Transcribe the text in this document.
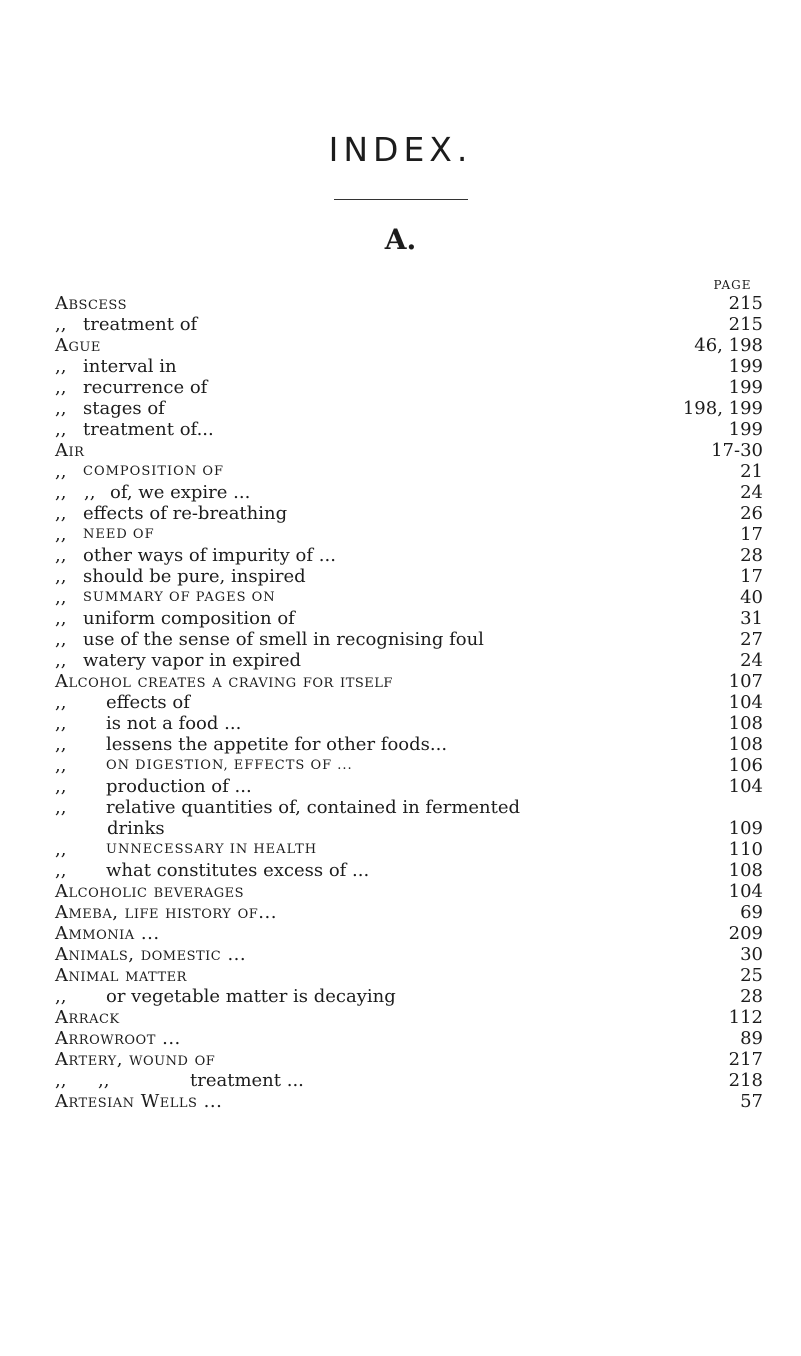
INDEX.
A.
PAGE
Abscess	215
,, treatment of	215
Ague	46, 198
,, interval in	199
,, recurrence of	199
,, stages of	198, 199
,, treatment of...	199
Air	17-30
,, COMPOSITION OF	21
,, ,, of, we expire ...	24
,, effects of re-breathing	26
,, NEED OF	17
,, other ways of impurity of ...	28
,, should be pure, inspired	17
,, SUMMARY OF PAGES ON	40
,, uniform composition of	31
,, use of the sense of smell in recognising foul	27
,, watery vapor in expired	24
Alcohol creates a craving for itself	107
,, effects of	104
,, is not a food ...	108
,, lessens the appetite for other foods...	108
,,	ON DIGESTION, EFFECTS OF ...	106
,, production of ...	104
,, relative quantities of, contained in fermented
drinks	109
,,	UNNECESSARY IN HEALTH	110
,, what constitutes excess of ...	108
Alcoholic beverages	104
Ameba, life history of...	69
Ammonia ...	209
Animals, domestic ...	30
Animal matter	25
,, or vegetable matter is decaying	28
Arrack	112
Arrowroot ...	89
Artery, wound of	217
,, ,,	treatment ...	218
Artesian Wells ...	57
